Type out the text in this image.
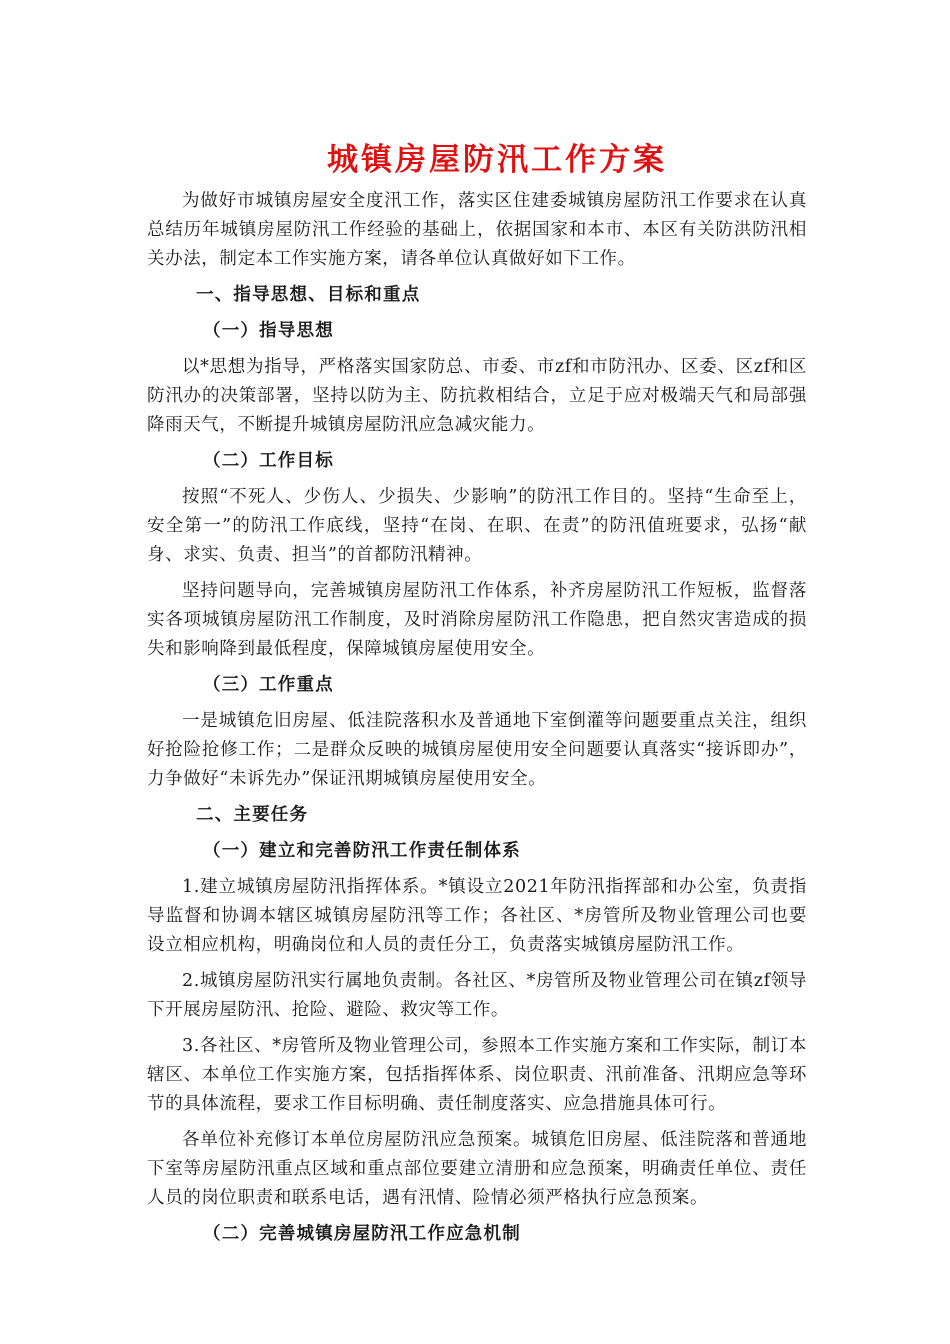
城镇房屋防汛工作方案

为做好市城镇房屋安全度汛工作，落实区住建委城镇房屋防汛工作要求在认真总结历年城镇房屋防汛工作经验的基础上，依据国家和本市、本区有关防洪防汛相关办法，制定本工作实施方案，请各单位认真做好如下工作。

一、指导思想、目标和重点

（一）指导思想

以*思想为指导，严格落实国家防总、市委、市zf和市防汛办、区委、区zf和区防汛办的决策部署，坚持以防为主、防抗救相结合，立足于应对极端天气和局部强降雨天气，不断提升城镇房屋防汛应急减灾能力。

（二）工作目标

按照“不死人、少伤人、少损失、少影响”的防汛工作目的。坚持“生命至上，安全第一”的防汛工作底线，坚持“在岗、在职、在责”的防汛值班要求，弘扬“献身、求实、负责、担当”的首都防汛精神。

坚持问题导向，完善城镇房屋防汛工作体系，补齐房屋防汛工作短板，监督落实各项城镇房屋防汛工作制度，及时消除房屋防汛工作隐患，把自然灾害造成的损失和影响降到最低程度，保障城镇房屋使用安全。

（三）工作重点

一是城镇危旧房屋、低洼院落积水及普通地下室倒灌等问题要重点关注，组织好抢险抢修工作；二是群众反映的城镇房屋使用安全问题要认真落实“接诉即办”，力争做好“未诉先办”保证汛期城镇房屋使用安全。

二、主要任务

（一）建立和完善防汛工作责任制体系

1.建立城镇房屋防汛指挥体系。*镇设立2021年防汛指挥部和办公室，负责指导监督和协调本辖区城镇房屋防汛等工作；各社区、*房管所及物业管理公司也要设立相应机构，明确岗位和人员的责任分工，负责落实城镇房屋防汛工作。

2.城镇房屋防汛实行属地负责制。各社区、*房管所及物业管理公司在镇zf领导下开展房屋防汛、抢险、避险、救灾等工作。

3.各社区、*房管所及物业管理公司，参照本工作实施方案和工作实际，制订本辖区、本单位工作实施方案，包括指挥体系、岗位职责、汛前准备、汛期应急等环节的具体流程，要求工作目标明确、责任制度落实、应急措施具体可行。

各单位补充修订本单位房屋防汛应急预案。城镇危旧房屋、低洼院落和普通地下室等房屋防汛重点区域和重点部位要建立清册和应急预案，明确责任单位、责任人员的岗位职责和联系电话，遇有汛情、险情必须严格执行应急预案。

（二）完善城镇房屋防汛工作应急机制
